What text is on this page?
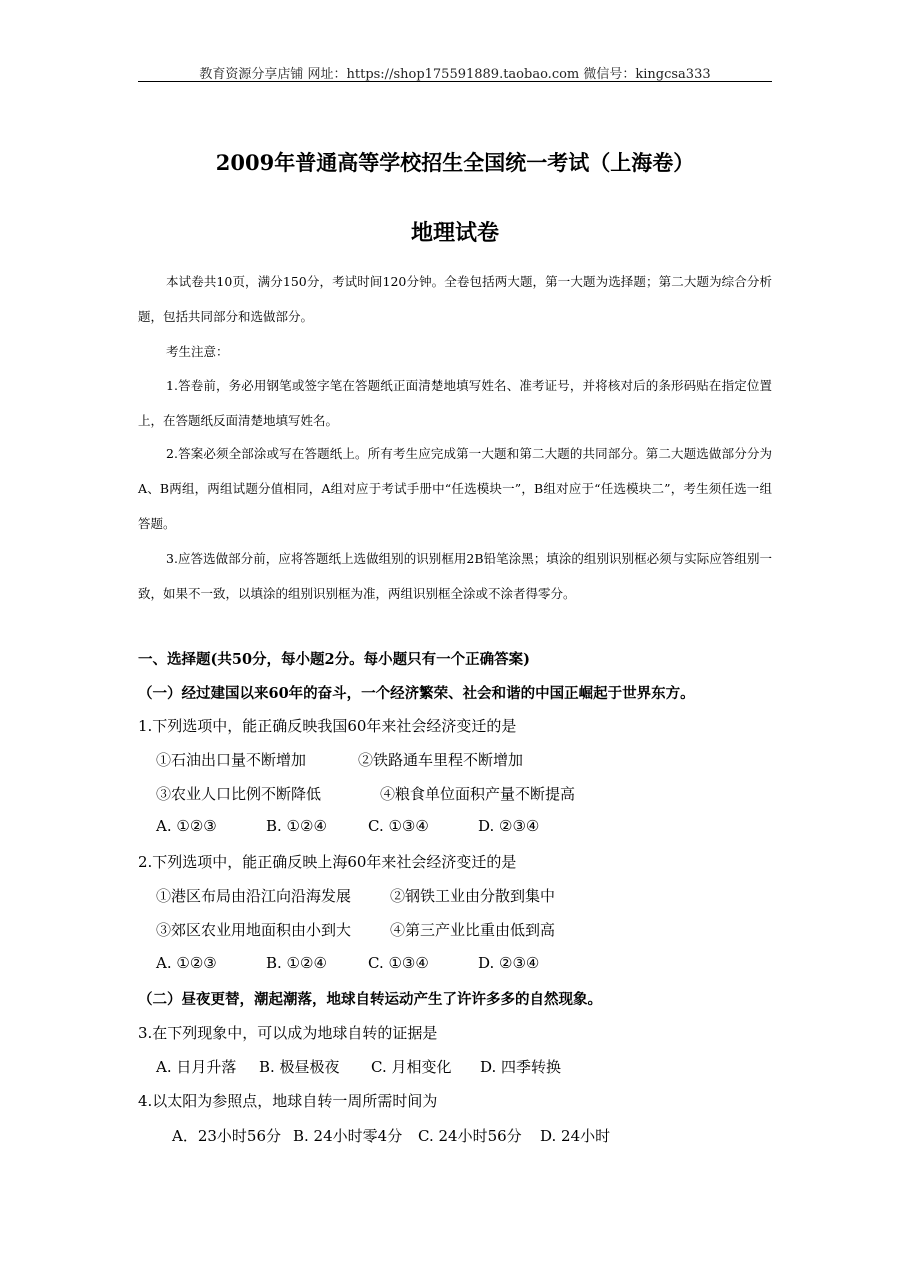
教育资源分享店铺 网址：https://shop175591889.taobao.com 微信号：kingcsa333
2009年普通高等学校招生全国统一考试（上海卷）
地理试卷
本试卷共10页，满分150分，考试时间120分钟。全卷包括两大题，第一大题为选择题；第二大题为综合分析题，包括共同部分和选做部分。
考生注意：
1.答卷前，务必用钢笔或签字笔在答题纸正面清楚地填写姓名、准考证号，并将核对后的条形码贴在指定位置上，在答题纸反面清楚地填写姓名。
2.答案必须全部涂或写在答题纸上。所有考生应完成第一大题和第二大题的共同部分。第二大题选做部分分为A、B两组，两组试题分值相同，A组对应于考试手册中“任选模块一”，B组对应于“任选模块二”，考生须任选一组答题。
3.应答选做部分前，应将答题纸上选做组别的识别框用2B铅笔涂黑；填涂的组别识别框必须与实际应答组别一致，如果不一致，以填涂的组别识别框为准，两组识别框全涂或不涂者得零分。
一、选择题(共50分，每小题2分。每小题只有一个正确答案)
（一）经过建国以来60年的奋斗，一个经济繁荣、社会和谐的中国正崛起于世界东方。
1.下列选项中，能正确反映我国60年来社会经济变迁的是
①石油出口量不断增加	②铁路通车里程不断增加
③农业人口比例不断降低	④粮食单位面积产量不断提高
A. ①②③	B. ①②④	C. ①③④	D. ②③④
2.下列选项中，能正确反映上海60年来社会经济变迁的是
①港区布局由沿江向沿海发展	②钢铁工业由分散到集中
③郊区农业用地面积由小到大	④第三产业比重由低到高
A. ①②③	B. ①②④	C. ①③④	D. ②③④
（二）昼夜更替，潮起潮落，地球自转运动产生了许许多多的自然现象。
3.在下列现象中，可以成为地球自转的证据是
A. 日月升落 B. 极昼极夜 C. 月相变化 D. 四季转换
4.以太阳为参照点，地球自转一周所需时间为
A．23小时56分 B. 24小时零4分 C. 24小时56分 D. 24小时
